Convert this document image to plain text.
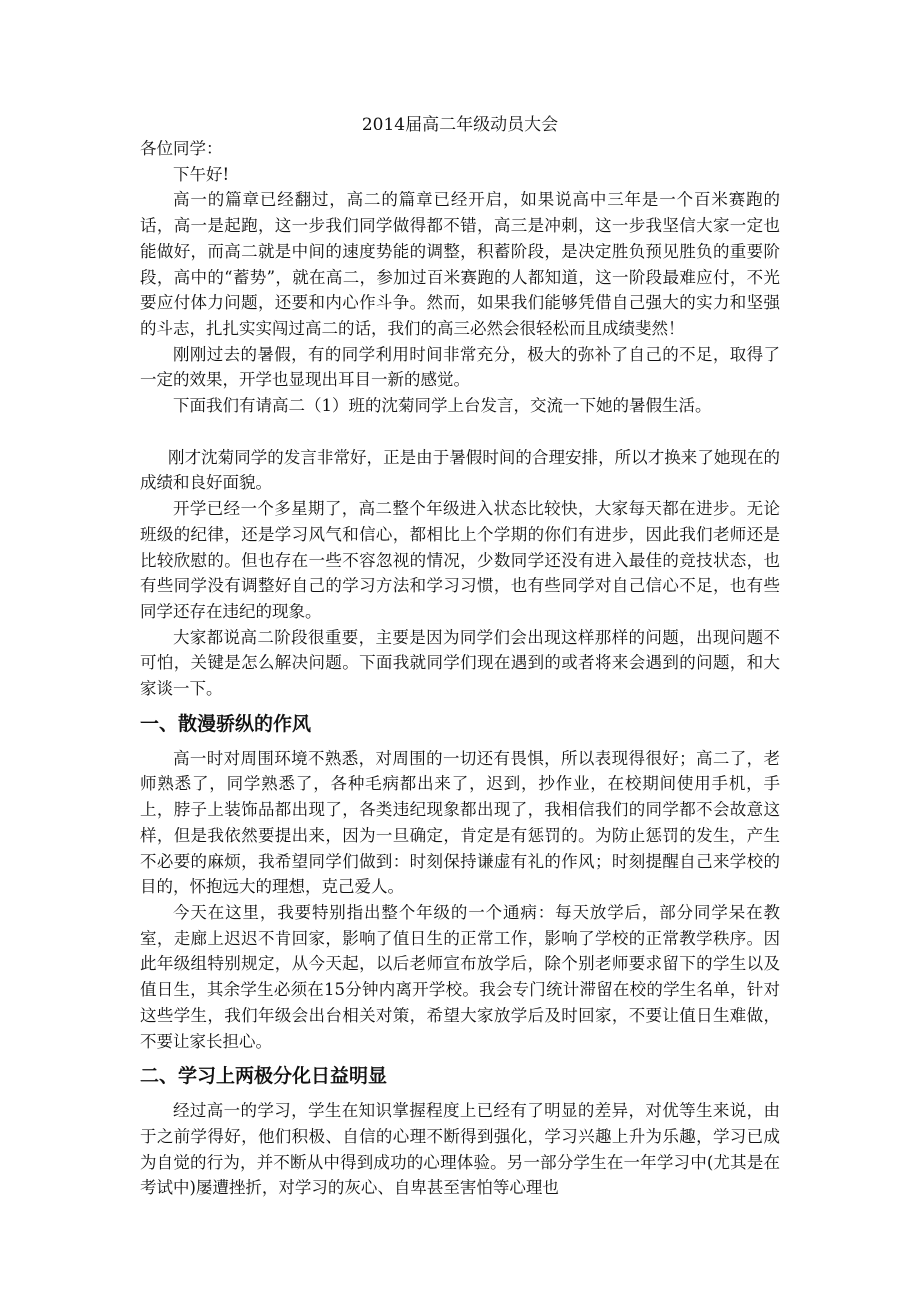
2014届高二年级动员大会

各位同学：

下午好!

高一的篇章已经翻过，高二的篇章已经开启，如果说高中三年是一个百米赛跑的话，高一是起跑，这一步我们同学做得都不错，高三是冲刺，这一步我坚信大家一定也能做好，而高二就是中间的速度势能的调整，积蓄阶段，是决定胜负预见胜负的重要阶段，高中的“蓄势”，就在高二，参加过百米赛跑的人都知道，这一阶段最难应付，不光要应付体力问题，还要和内心作斗争。然而，如果我们能够凭借自己强大的实力和坚强的斗志，扎扎实实闯过高二的话，我们的高三必然会很轻松而且成绩斐然！

刚刚过去的暑假，有的同学利用时间非常充分，极大的弥补了自己的不足，取得了一定的效果，开学也显现出耳目一新的感觉。

下面我们有请高二（1）班的沈菊同学上台发言，交流一下她的暑假生活。

刚才沈菊同学的发言非常好，正是由于暑假时间的合理安排，所以才换来了她现在的成绩和良好面貌。

开学已经一个多星期了，高二整个年级进入状态比较快，大家每天都在进步。无论班级的纪律，还是学习风气和信心，都相比上个学期的你们有进步，因此我们老师还是比较欣慰的。但也存在一些不容忽视的情况，少数同学还没有进入最佳的竞技状态，也有些同学没有调整好自己的学习方法和学习习惯，也有些同学对自己信心不足，也有些同学还存在违纪的现象。

大家都说高二阶段很重要，主要是因为同学们会出现这样那样的问题，出现问题不可怕，关键是怎么解决问题。下面我就同学们现在遇到的或者将来会遇到的问题，和大家谈一下。

一、散漫骄纵的作风

高一时对周围环境不熟悉，对周围的一切还有畏惧，所以表现得很好；高二了，老师熟悉了，同学熟悉了，各种毛病都出来了，迟到，抄作业，在校期间使用手机，手上，脖子上装饰品都出现了，各类违纪现象都出现了，我相信我们的同学都不会故意这样，但是我依然要提出来，因为一旦确定，肯定是有惩罚的。为防止惩罚的发生，产生不必要的麻烦，我希望同学们做到：时刻保持谦虚有礼的作风；时刻提醒自己来学校的目的，怀抱远大的理想，克己爱人。

今天在这里，我要特别指出整个年级的一个通病：每天放学后，部分同学呆在教室，走廊上迟迟不肯回家，影响了值日生的正常工作，影响了学校的正常教学秩序。因此年级组特别规定，从今天起，以后老师宣布放学后，除个别老师要求留下的学生以及值日生，其余学生必须在15分钟内离开学校。我会专门统计滞留在校的学生名单，针对这些学生，我们年级会出台相关对策，希望大家放学后及时回家，不要让值日生难做，不要让家长担心。

二、学习上两极分化日益明显

经过高一的学习，学生在知识掌握程度上已经有了明显的差异，对优等生来说，由于之前学得好，他们积极、自信的心理不断得到强化，学习兴趣上升为乐趣，学习已成为自觉的行为，并不断从中得到成功的心理体验。另一部分学生在一年学习中(尤其是在考试中)屡遭挫折，对学习的灰心、自卑甚至害怕等心理也
